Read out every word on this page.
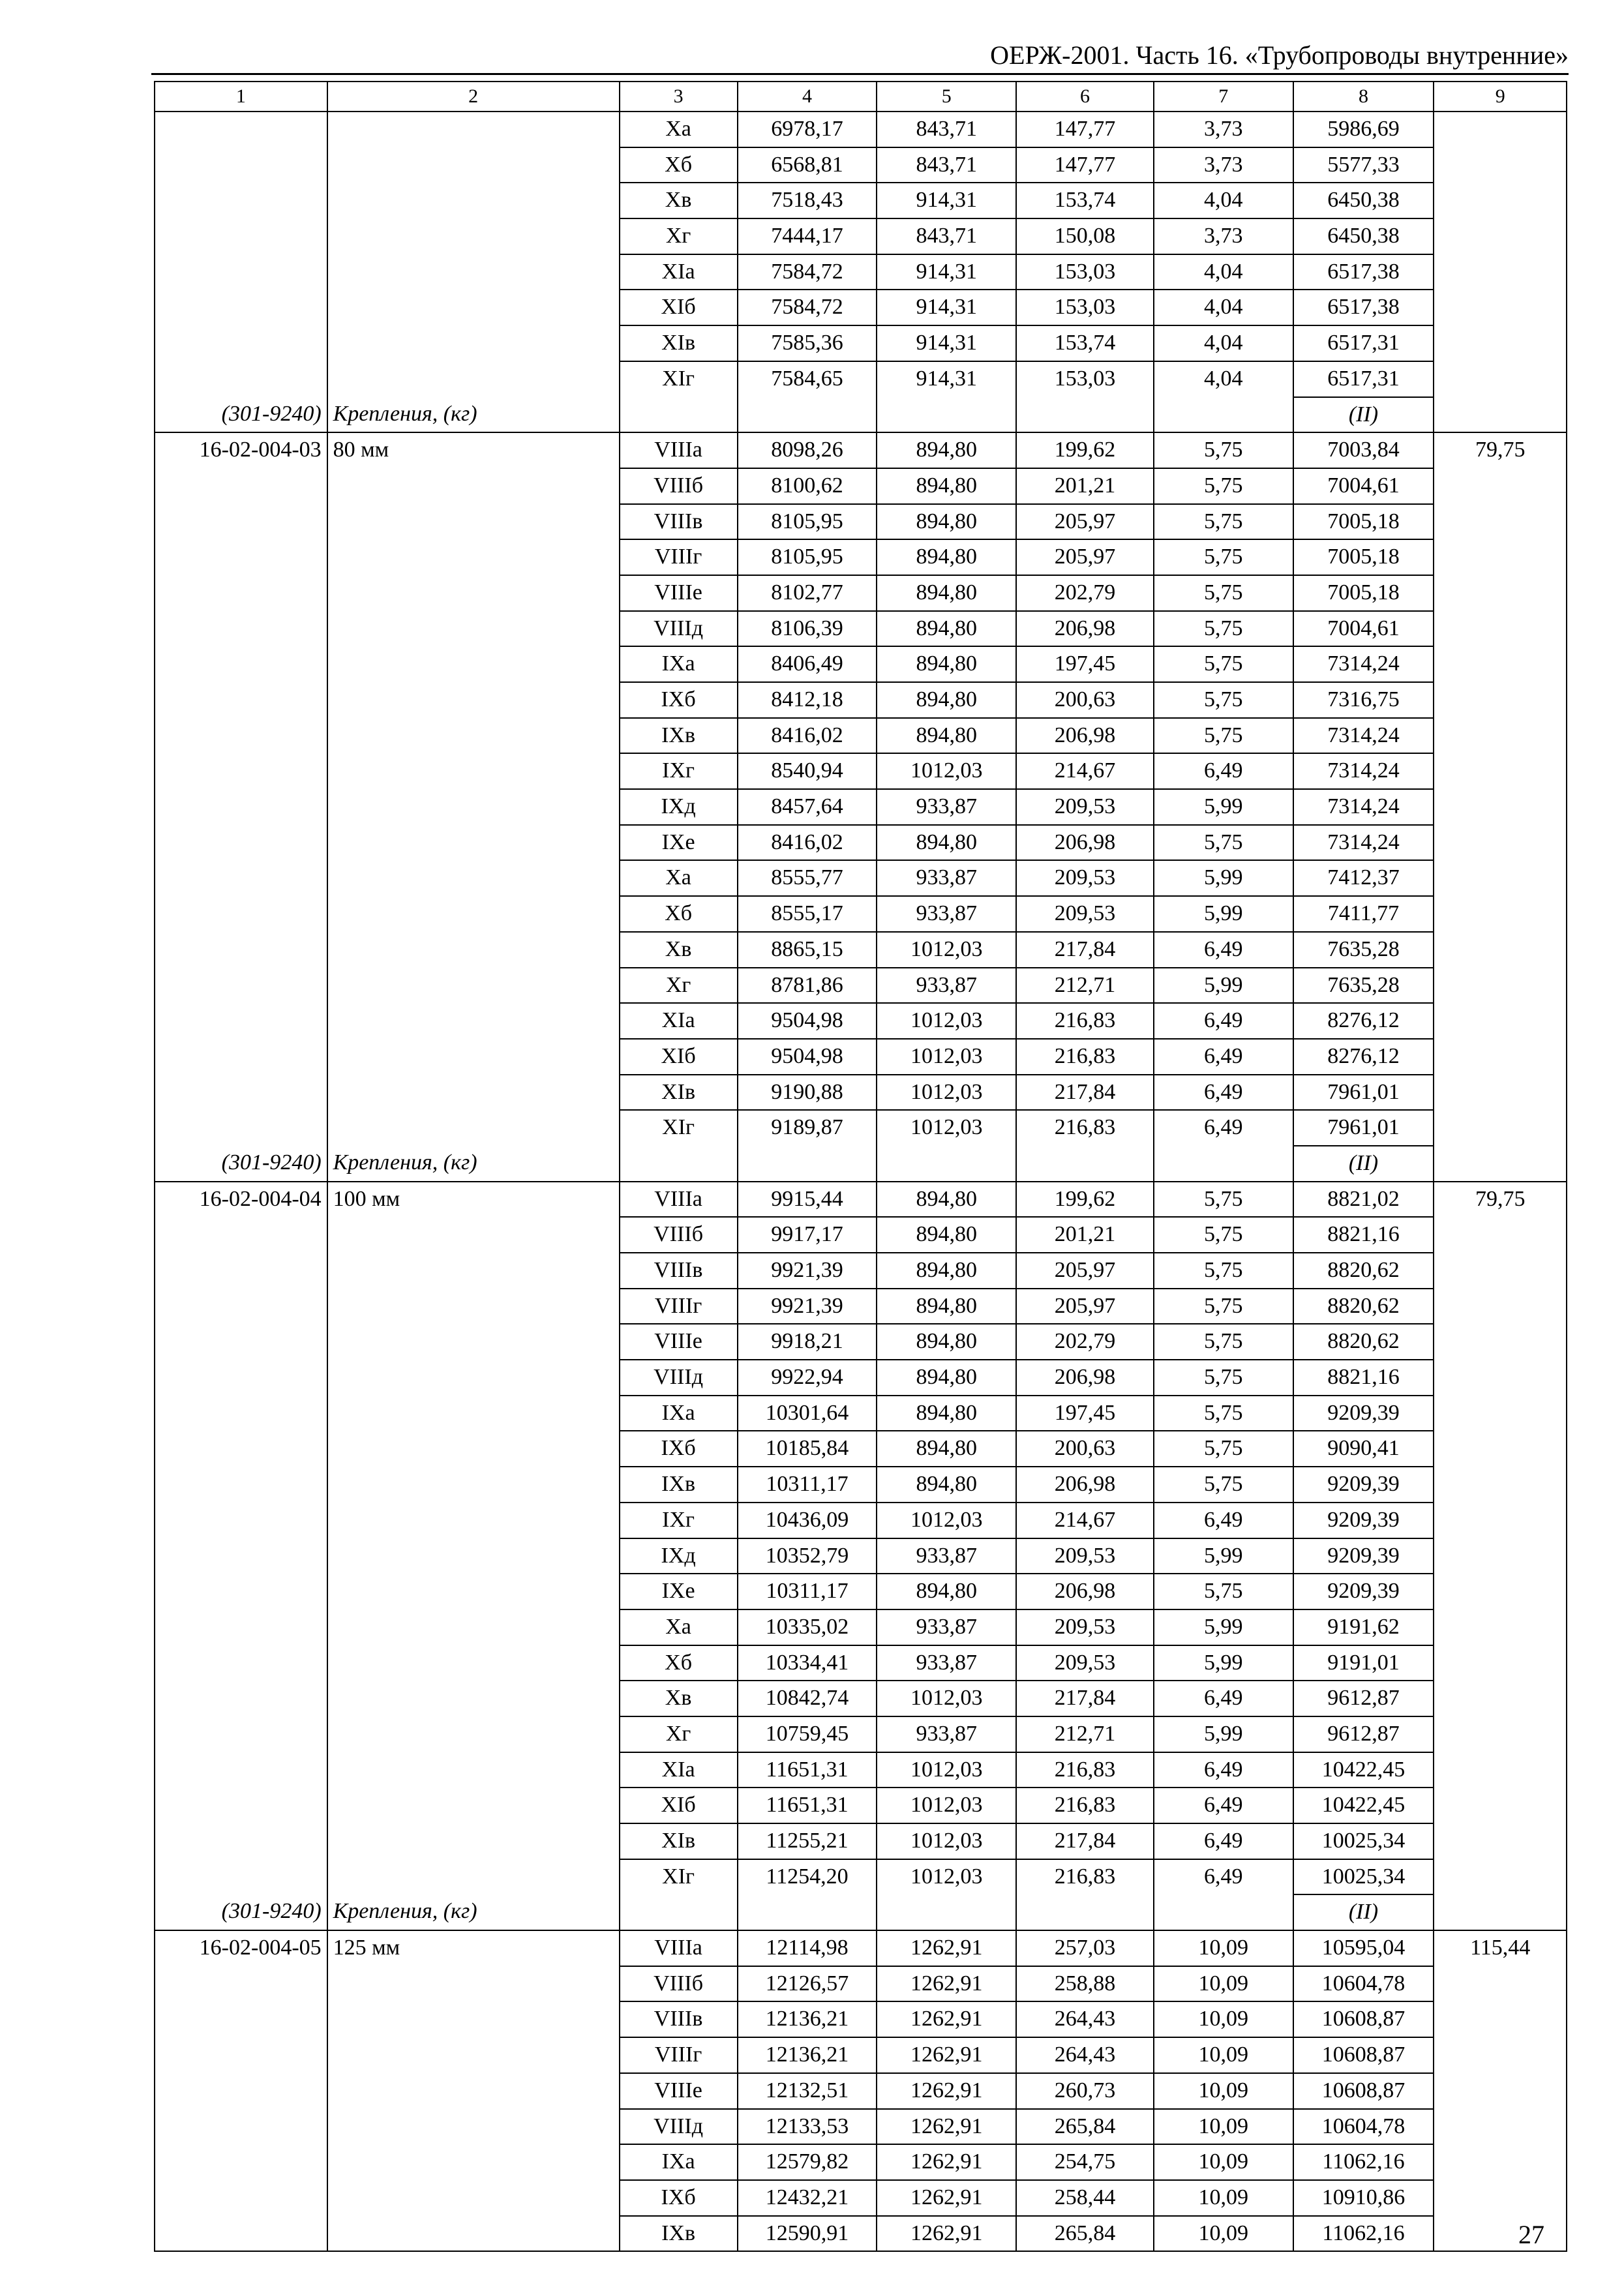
ОЕРЖ-2001. Часть 16. «Трубопроводы внутренние»
1	2	3	4	5	6	7	8	9
		Xа	6978,17	843,71	147,77	3,73	5986,69	
		Xб	6568,81	843,71	147,77	3,73	5577,33	
		Xв	7518,43	914,31	153,74	4,04	6450,38	
		Xг	7444,17	843,71	150,08	3,73	6450,38	
		XIа	7584,72	914,31	153,03	4,04	6517,38	
		XIб	7584,72	914,31	153,03	4,04	6517,38	
		XIв	7585,36	914,31	153,74	4,04	6517,31	
		XIг	7584,65	914,31	153,03	4,04	6517,31	
(301-9240)	Крепления, (кг)						(II)	
16-02-004-03	80 мм	VIIIа	8098,26	894,80	199,62	5,75	7003,84	79,75
		VIIIб	8100,62	894,80	201,21	5,75	7004,61	
		VIIIв	8105,95	894,80	205,97	5,75	7005,18	
		VIIIг	8105,95	894,80	205,97	5,75	7005,18	
		VIIIе	8102,77	894,80	202,79	5,75	7005,18	
		VIIIд	8106,39	894,80	206,98	5,75	7004,61	
		IXа	8406,49	894,80	197,45	5,75	7314,24	
		IXб	8412,18	894,80	200,63	5,75	7316,75	
		IXв	8416,02	894,80	206,98	5,75	7314,24	
		IXг	8540,94	1012,03	214,67	6,49	7314,24	
		IXд	8457,64	933,87	209,53	5,99	7314,24	
		IXе	8416,02	894,80	206,98	5,75	7314,24	
		Xа	8555,77	933,87	209,53	5,99	7412,37	
		Xб	8555,17	933,87	209,53	5,99	7411,77	
		Xв	8865,15	1012,03	217,84	6,49	7635,28	
		Xг	8781,86	933,87	212,71	5,99	7635,28	
		XIа	9504,98	1012,03	216,83	6,49	8276,12	
		XIб	9504,98	1012,03	216,83	6,49	8276,12	
		XIв	9190,88	1012,03	217,84	6,49	7961,01	
		XIг	9189,87	1012,03	216,83	6,49	7961,01	
(301-9240)	Крепления, (кг)						(II)	
16-02-004-04	100 мм	VIIIа	9915,44	894,80	199,62	5,75	8821,02	79,75
		VIIIб	9917,17	894,80	201,21	5,75	8821,16	
		VIIIв	9921,39	894,80	205,97	5,75	8820,62	
		VIIIг	9921,39	894,80	205,97	5,75	8820,62	
		VIIIе	9918,21	894,80	202,79	5,75	8820,62	
		VIIIд	9922,94	894,80	206,98	5,75	8821,16	
		IXа	10301,64	894,80	197,45	5,75	9209,39	
		IXб	10185,84	894,80	200,63	5,75	9090,41	
		IXв	10311,17	894,80	206,98	5,75	9209,39	
		IXг	10436,09	1012,03	214,67	6,49	9209,39	
		IXд	10352,79	933,87	209,53	5,99	9209,39	
		IXе	10311,17	894,80	206,98	5,75	9209,39	
		Xа	10335,02	933,87	209,53	5,99	9191,62	
		Xб	10334,41	933,87	209,53	5,99	9191,01	
		Xв	10842,74	1012,03	217,84	6,49	9612,87	
		Xг	10759,45	933,87	212,71	5,99	9612,87	
		XIа	11651,31	1012,03	216,83	6,49	10422,45	
		XIб	11651,31	1012,03	216,83	6,49	10422,45	
		XIв	11255,21	1012,03	217,84	6,49	10025,34	
		XIг	11254,20	1012,03	216,83	6,49	10025,34	
(301-9240)	Крепления, (кг)						(II)	
16-02-004-05	125 мм	VIIIа	12114,98	1262,91	257,03	10,09	10595,04	115,44
		VIIIб	12126,57	1262,91	258,88	10,09	10604,78	
		VIIIв	12136,21	1262,91	264,43	10,09	10608,87	
		VIIIг	12136,21	1262,91	264,43	10,09	10608,87	
		VIIIе	12132,51	1262,91	260,73	10,09	10608,87	
		VIIIд	12133,53	1262,91	265,84	10,09	10604,78	
		IXа	12579,82	1262,91	254,75	10,09	11062,16	
		IXб	12432,21	1262,91	258,44	10,09	10910,86	
		IXв	12590,91	1262,91	265,84	10,09	11062,16		27
